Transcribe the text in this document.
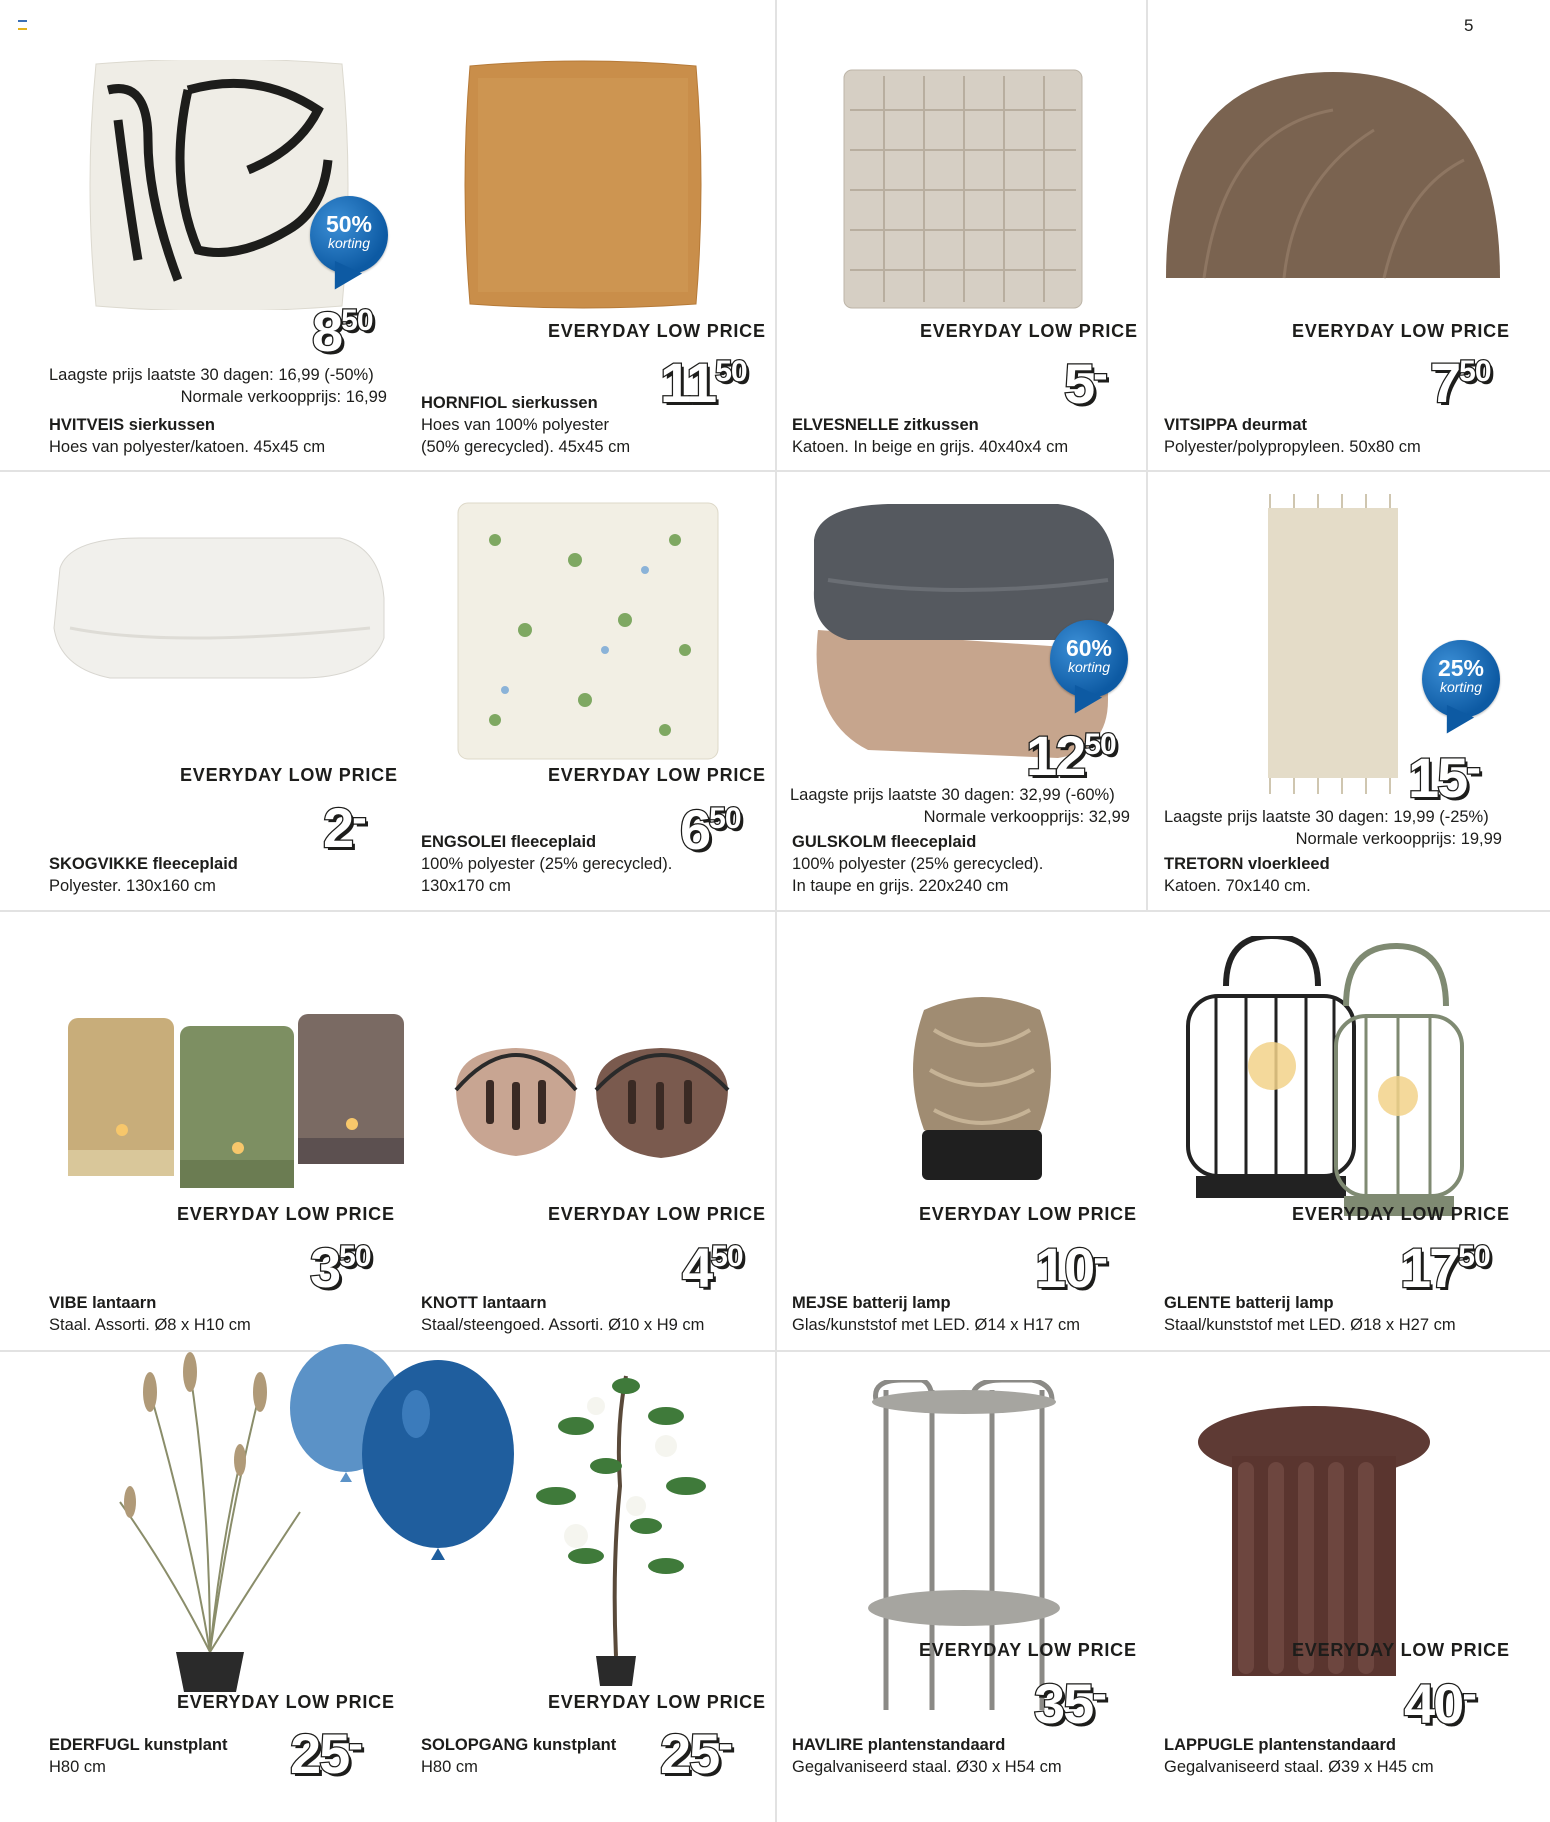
5
50%
korting
850
Laagste prijs laatste 30 dagen: 16,99 (-50%)
Normale verkoopprijs: 16,99
HVITVEIS sierkussen
Hoes van polyester/katoen. 45x45 cm
EVERYDAY LOW PRICE
1150
HORNFIOL sierkussen
Hoes van 100% polyester
(50% gerecycled). 45x45 cm
EVERYDAY LOW PRICE
5-
ELVESNELLE zitkussen
Katoen. In beige en grijs. 40x40x4 cm
EVERYDAY LOW PRICE
750
VITSIPPA deurmat
Polyester/polypropyleen. 50x80 cm
EVERYDAY LOW PRICE
2-
SKOGVIKKE fleeceplaid
Polyester. 130x160 cm
EVERYDAY LOW PRICE
650
ENGSOLEI fleeceplaid
100% polyester (25% gerecycled).
130x170 cm
60%
korting
1250
Laagste prijs laatste 30 dagen: 32,99 (-60%)
Normale verkoopprijs: 32,99
GULSKOLM fleeceplaid
100% polyester (25% gerecycled).
In taupe en grijs. 220x240 cm
25%
korting
15-
Laagste prijs laatste 30 dagen: 19,99 (-25%)
Normale verkoopprijs: 19,99
TRETORN vloerkleed
Katoen. 70x140 cm.
EVERYDAY LOW PRICE
350
VIBE lantaarn
Staal. Assorti. Ø8 x H10 cm
EVERYDAY LOW PRICE
450
KNOTT lantaarn
Staal/steengoed. Assorti. Ø10 x H9 cm
EVERYDAY LOW PRICE
10-
MEJSE batterij lamp
Glas/kunststof met LED. Ø14 x H17 cm
EVERYDAY LOW PRICE
1750
GLENTE batterij lamp
Staal/kunststof met LED. Ø18 x H27 cm
EVERYDAY LOW PRICE
25-
EDERFUGL kunstplant
H80 cm
EVERYDAY LOW PRICE
25-
SOLOPGANG kunstplant
H80 cm
EVERYDAY LOW PRICE
35-
HAVLIRE plantenstandaard
Gegalvaniseerd staal. Ø30 x H54 cm
EVERYDAY LOW PRICE
40-
LAPPUGLE plantenstandaard
Gegalvaniseerd staal. Ø39 x H45 cm
